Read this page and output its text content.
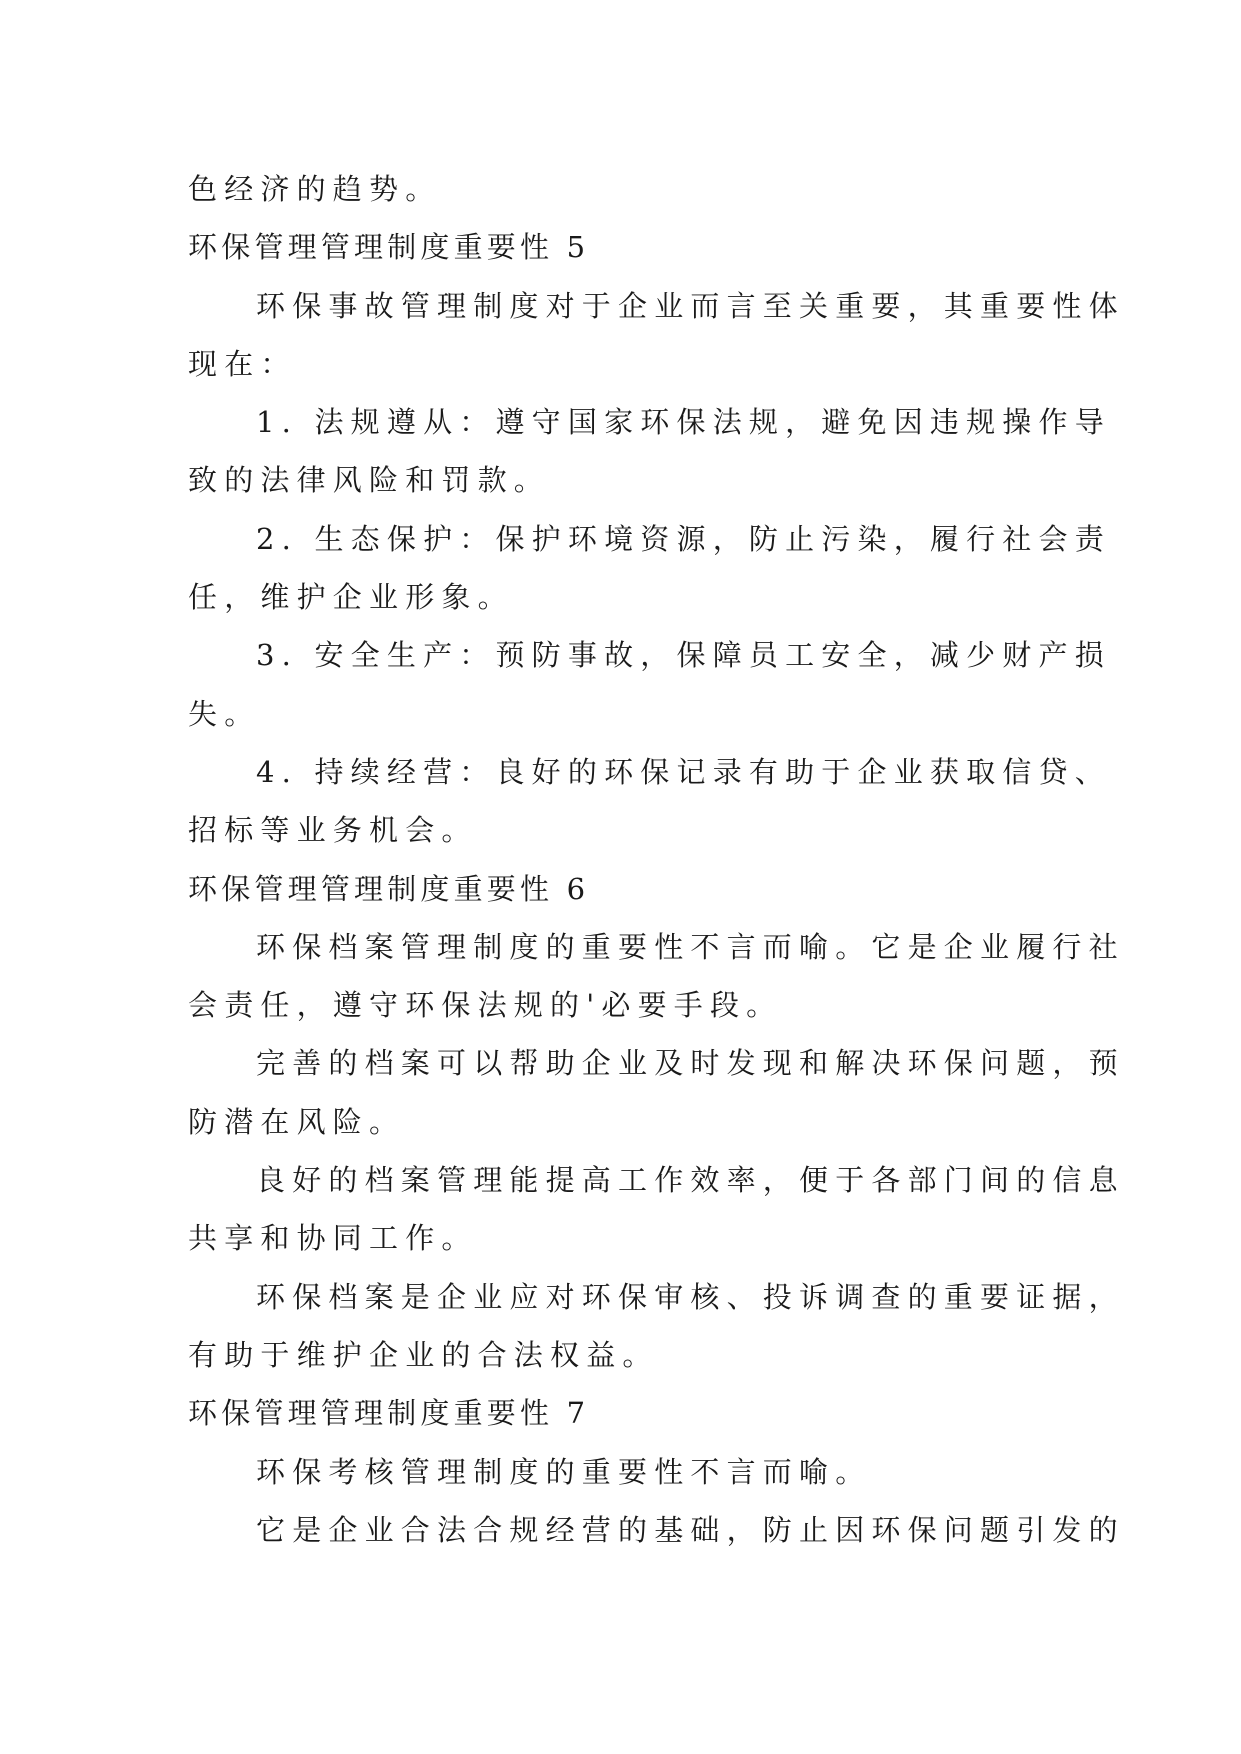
色经济的趋势。

环保管理管理制度重要性 5

环保事故管理制度对于企业而言至关重要，其重要性体

现在：

1. 法规遵从：遵守国家环保法规，避免因违规操作导

致的法律风险和罚款。

2. 生态保护：保护环境资源，防止污染，履行社会责

任，维护企业形象。

3. 安全生产：预防事故，保障员工安全，减少财产损

失。

4. 持续经营：良好的环保记录有助于企业获取信贷、

招标等业务机会。

环保管理管理制度重要性 6

环保档案管理制度的重要性不言而喻。它是企业履行社

会责任，遵守环保法规的'必要手段。

完善的档案可以帮助企业及时发现和解决环保问题，预

防潜在风险。

良好的档案管理能提高工作效率，便于各部门间的信息

共享和协同工作。

环保档案是企业应对环保审核、投诉调查的重要证据，

有助于维护企业的合法权益。

环保管理管理制度重要性 7

环保考核管理制度的重要性不言而喻。

它是企业合法合规经营的基础，防止因环保问题引发的
